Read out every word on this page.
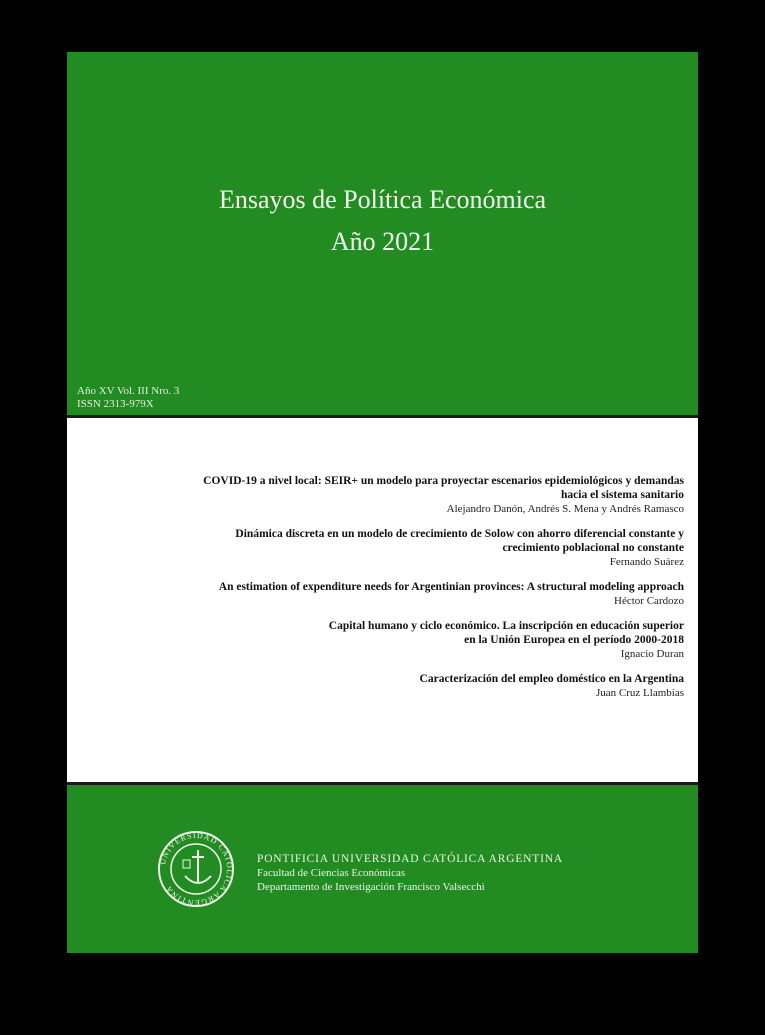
Ensayos de Política Económica
Año 2021
Año XV Vol. III Nro. 3
ISSN 2313-979X
COVID-19 a nivel local: SEIR+ un modelo para proyectar escenarios epidemiológicos y demandas
hacia el sistema sanitario
Alejandro Danón, Andrés S. Mena y Andrés Ramasco
Dinámica discreta en un modelo de crecimiento de Solow con ahorro diferencial constante y
crecimiento poblacional no constante
Fernando Suárez
An estimation of expenditure needs for Argentinian provinces: A structural modeling approach
Héctor Cardozo
Capital humano y ciclo económico. La inscripción en educación superior
en la Unión Europea en el período 2000-2018
Ignacio Duran
Caracterización del empleo doméstico en la Argentina
Juan Cruz Llambías
UNIVERSIDAD CATOLICA ARGENTINA
PONTIFICIA UNIVERSIDAD CATÓLICA ARGENTINA
Facultad de Ciencias Económicas
Departamento de Investigación Francisco Valsecchi
